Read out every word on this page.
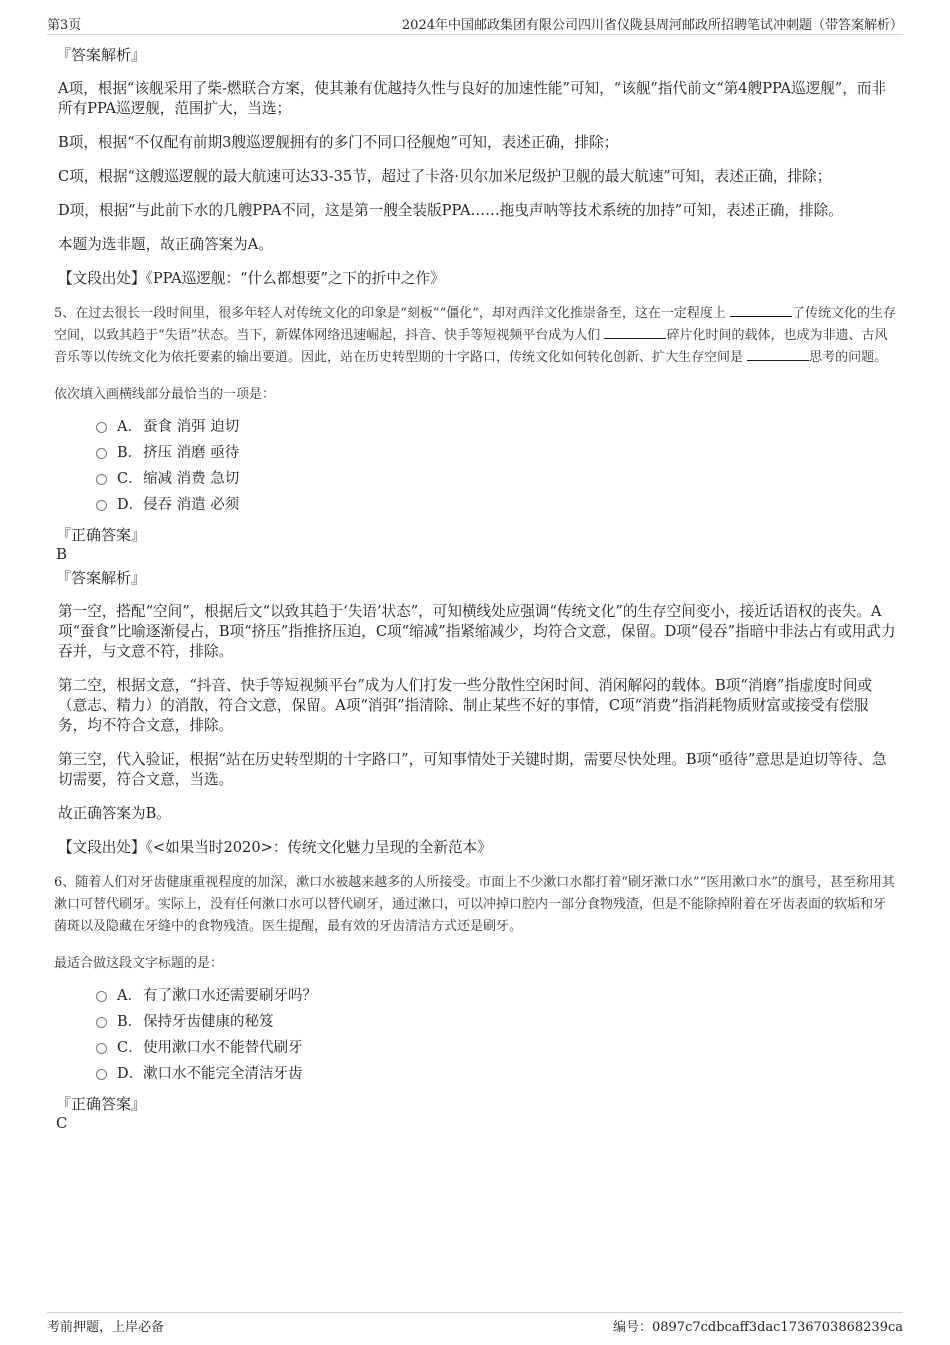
第3页	2024年中国邮政集团有限公司四川省仪陇县周河邮政所招聘笔试冲刺题（带答案解析）
『答案解析』

A项，根据“该舰采用了柴-燃联合方案，使其兼有优越持久性与良好的加速性能”可知，“该舰”指代前文“第4艘PPA巡逻舰”，而非所有PPA巡逻舰，范围扩大，当选；

B项，根据“不仅配有前期3艘巡逻舰拥有的多门不同口径舰炮”可知，表述正确，排除；

C项，根据“这艘巡逻舰的最大航速可达33-35节，超过了卡洛·贝尔加米尼级护卫舰的最大航速”可知，表述正确，排除；

D项，根据“与此前下水的几艘PPA不同，这是第一艘全装版PPA……拖曳声呐等技术系统的加持”可知，表述正确，排除。

本题为选非题，故正确答案为A。

【文段出处】《PPA巡逻舰：“什么都想要”之下的折中之作》

5、在过去很长一段时间里，很多年轻人对传统文化的印象是“刻板”“僵化”，却对西洋文化推崇备至，这在一定程度上	了传统文化的生存空间，以致其趋于“失语”状态。当下，新媒体网络迅速崛起，抖音、快手等短视频平台成为人们	碎片化时间的载体，也成为非遗、古风音乐等以传统文化为依托要素的输出要道。因此，站在历史转型期的十字路口，传统文化如何转化创新、扩大生存空间是	思考的问题。

依次填入画横线部分最恰当的一项是：

A． 蚕食 消弭 迫切
B． 挤压 消磨 亟待
C． 缩减 消费 急切
D． 侵吞 消遣 必须
『正确答案』
B
『答案解析』

第一空，搭配“空间”，根据后文“以致其趋于‘失语’状态”，可知横线处应强调“传统文化”的生存空间变小，接近话语权的丧失。A项“蚕食”比喻逐渐侵占，B项“挤压”指推挤压迫，C项“缩减”指紧缩减少，均符合文意，保留。D项“侵吞”指暗中非法占有或用武力吞并，与文意不符，排除。

第二空，根据文意，“抖音、快手等短视频平台”成为人们打发一些分散性空闲时间、消闲解闷的载体。B项“消磨”指虚度时间或（意志、精力）的消散，符合文意，保留。A项“消弭”指清除、制止某些不好的事情，C项“消费”指消耗物质财富或接受有偿服务，均不符合文意，排除。

第三空，代入验证，根据“站在历史转型期的十字路口”，可知事情处于关键时期，需要尽快处理。B项“亟待”意思是迫切等待、急切需要，符合文意，当选。

故正确答案为B。

【文段出处】《<如果当时2020>：传统文化魅力呈现的全新范本》

6、随着人们对牙齿健康重视程度的加深，漱口水被越来越多的人所接受。市面上不少漱口水都打着“刷牙漱口水”“医用漱口水”的旗号，甚至称用其漱口可替代刷牙。实际上，没有任何漱口水可以替代刷牙，通过漱口，可以冲掉口腔内一部分食物残渣，但是不能除掉附着在牙齿表面的软垢和牙菌斑以及隐藏在牙缝中的食物残渣。医生提醒，最有效的牙齿清洁方式还是刷牙。

最适合做这段文字标题的是：

A． 有了漱口水还需要刷牙吗？
B． 保持牙齿健康的秘笈
C． 使用漱口水不能替代刷牙
D． 漱口水不能完全清洁牙齿
『正确答案』
C
考前押题，上岸必备	编号：0897c7cdbcaff3dac1736703868239ca
